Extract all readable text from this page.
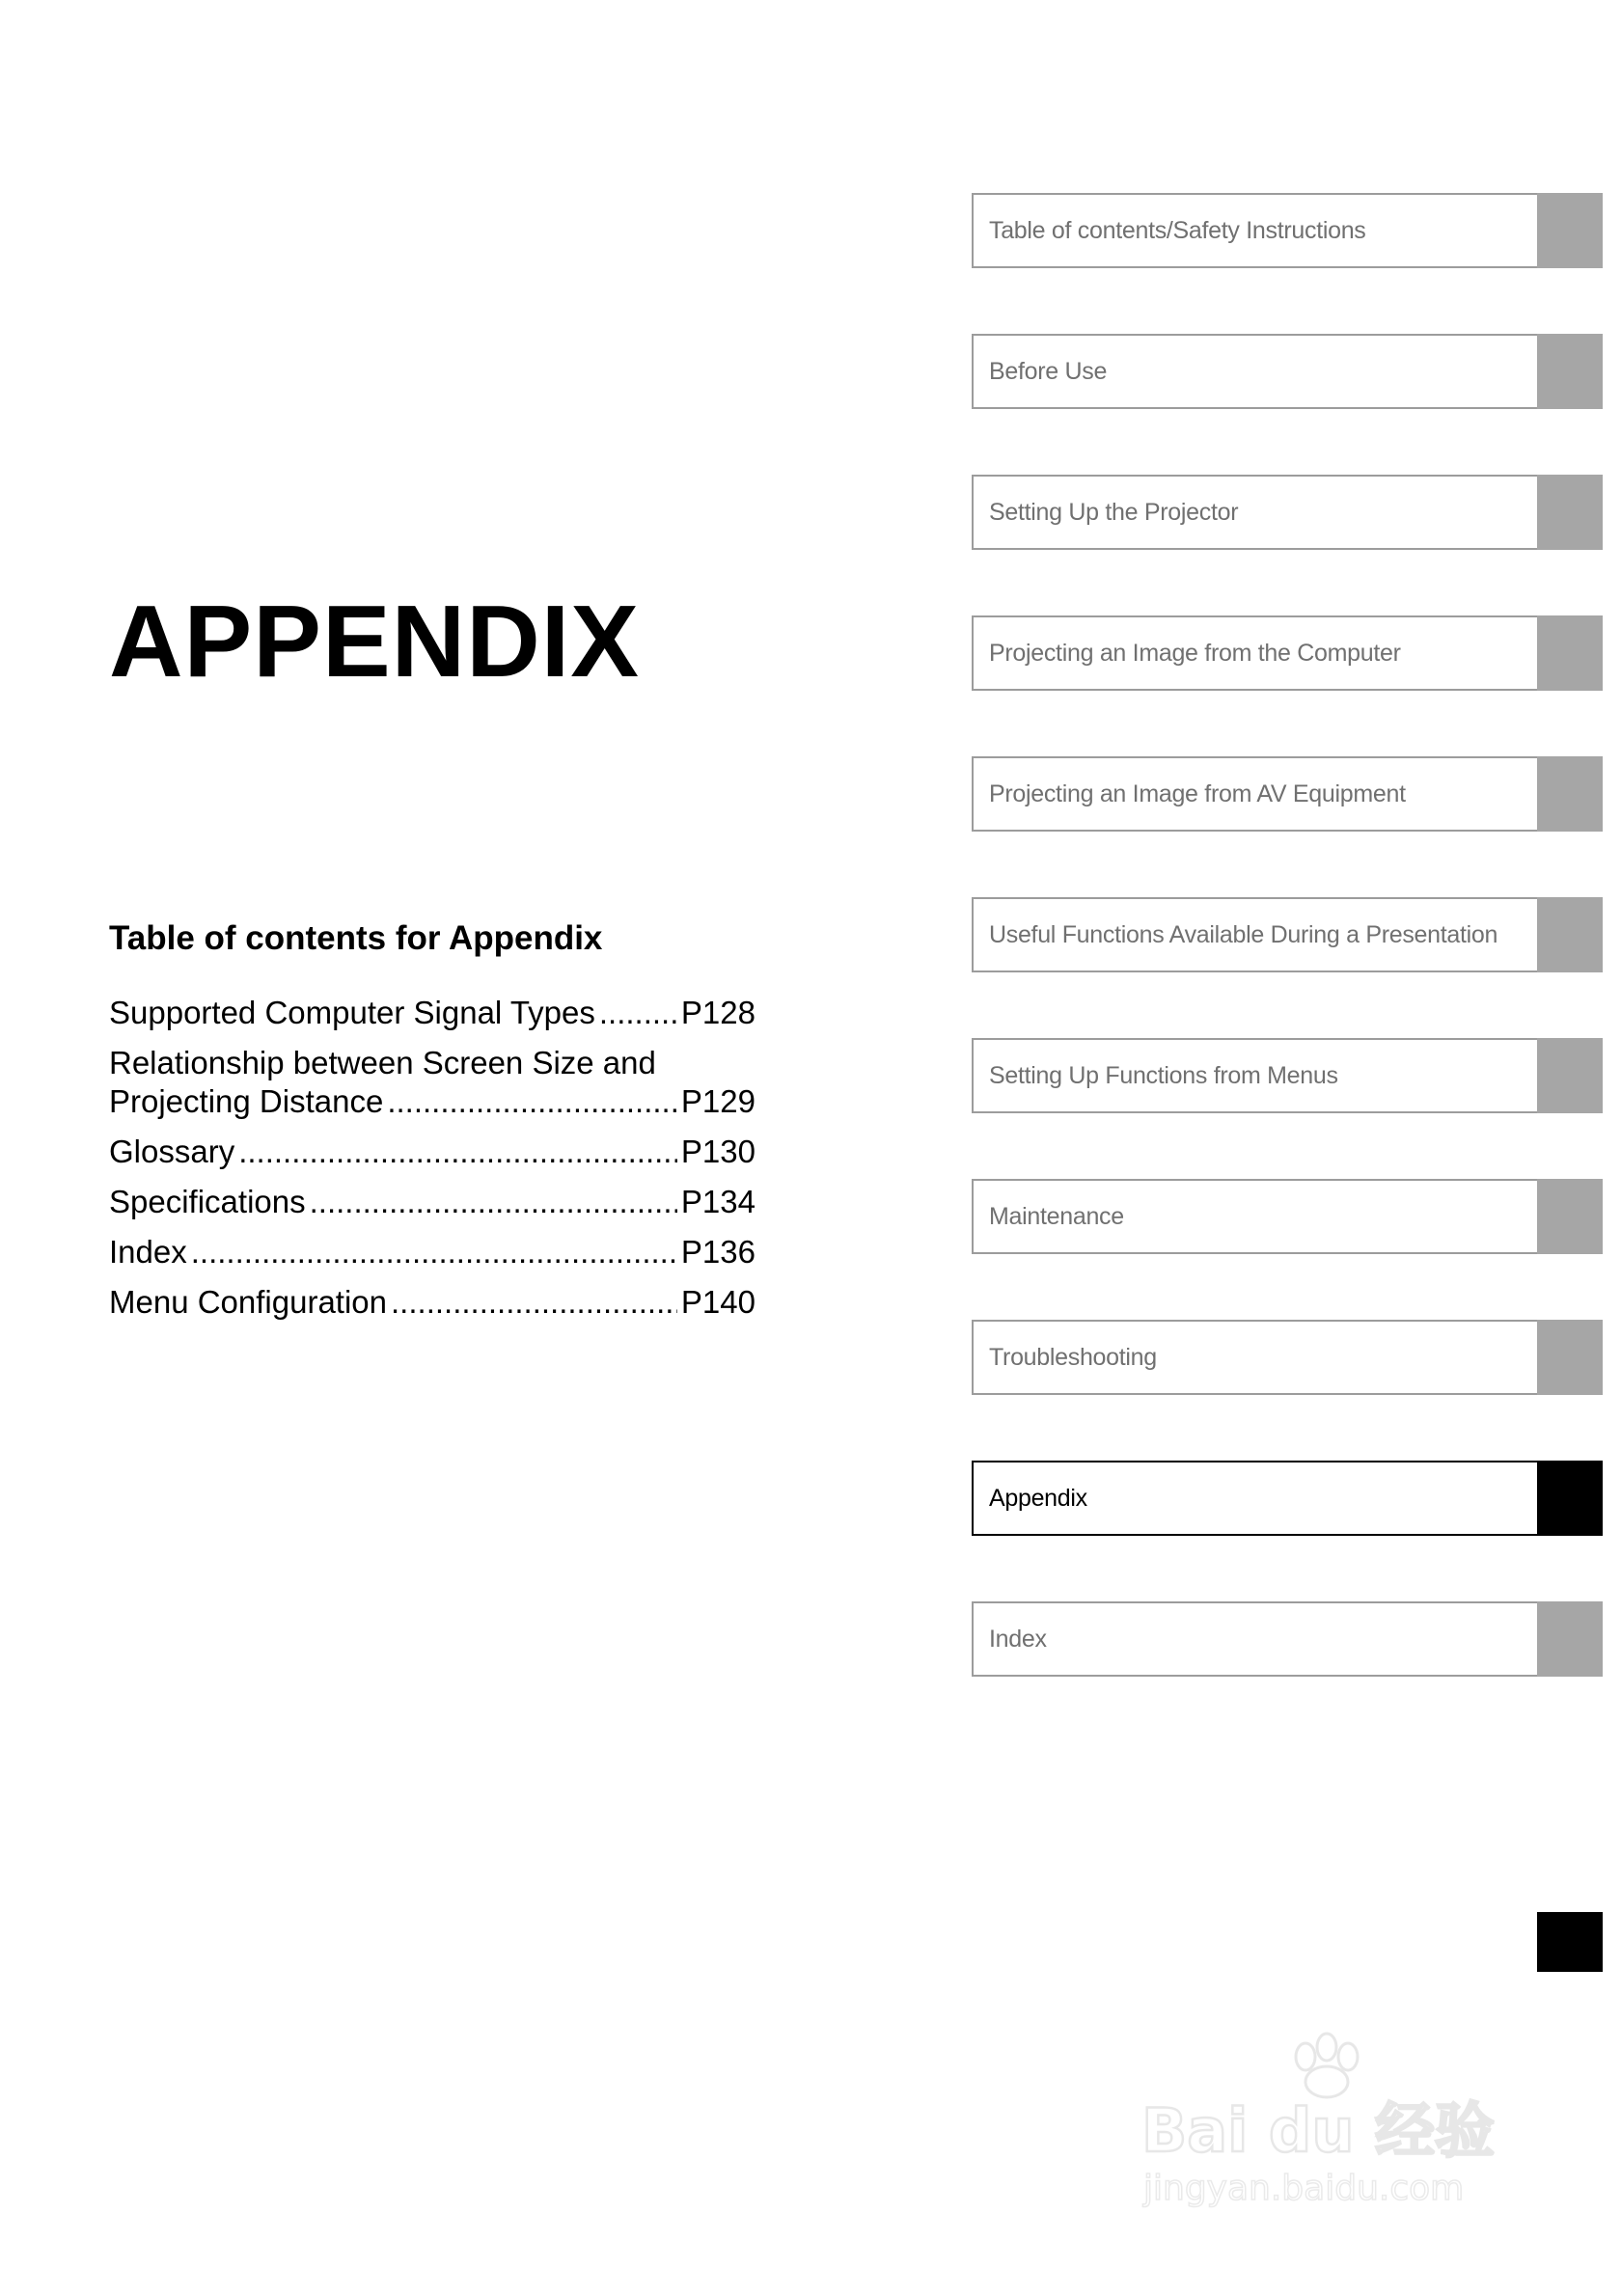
APPENDIX
Table of contents for Appendix
Supported Computer Signal Types .....	P128
Relationship between Screen Size and
Projecting Distance .....	P129
Glossary .....	P130
Specifications .....	P134
Index .....	P136
Menu Configuration .....	P140
Table of contents/Safety Instructions
Before Use
Setting Up the Projector
Projecting an Image from the Computer
Projecting an Image from AV Equipment
Useful Functions Available During a Presentation
Setting Up Functions from Menus
Maintenance
Troubleshooting
Appendix
Index
Bai du 经验
jingyan.baidu.com
